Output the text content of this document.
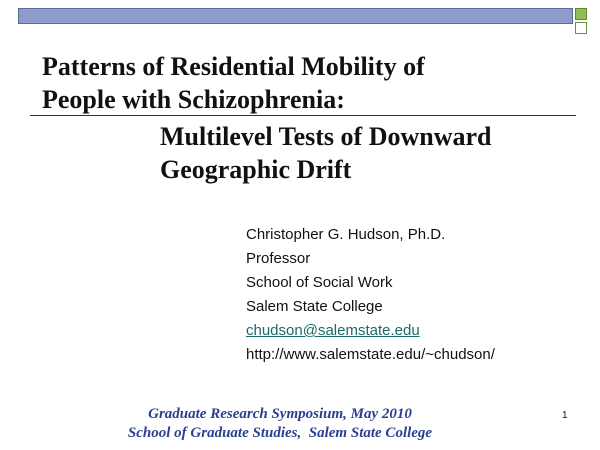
Patterns of Residential Mobility of
People with Schizophrenia:
Multilevel Tests of Downward
Geographic Drift
Christopher G. Hudson, Ph.D.
Professor
School of Social Work
Salem State College
chudson@salemstate.edu
http://www.salemstate.edu/~chudson/
Graduate Research Symposium, May 2010
School of Graduate Studies,  Salem State College
1
